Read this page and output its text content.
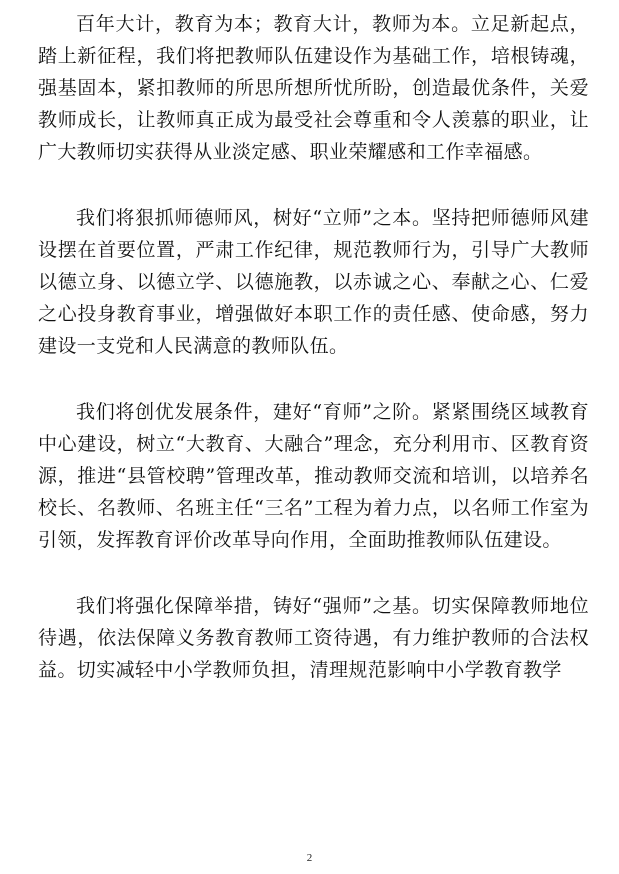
百年大计，教育为本；教育大计，教师为本。立足新起点，踏上新征程，我们将把教师队伍建设作为基础工作，培根铸魂，强基固本，紧扣教师的所思所想所忧所盼，创造最优条件，关爱教师成长，让教师真正成为最受社会尊重和令人羡慕的职业，让广大教师切实获得从业淡定感、职业荣耀感和工作幸福感。

我们将狠抓师德师风，树好“立师”之本。坚持把师德师风建设摆在首要位置，严肃工作纪律，规范教师行为，引导广大教师以德立身、以德立学、以德施教，以赤诚之心、奉献之心、仁爱之心投身教育事业，增强做好本职工作的责任感、使命感，努力建设一支党和人民满意的教师队伍。

我们将创优发展条件，建好“育师”之阶。紧紧围绕区域教育中心建设，树立“大教育、大融合”理念，充分利用市、区教育资源，推进“县管校聘”管理改革，推动教师交流和培训，以培养名校长、名教师、名班主任“三名”工程为着力点，以名师工作室为引领，发挥教育评价改革导向作用，全面助推教师队伍建设。

我们将强化保障举措，铸好“强师”之基。切实保障教师地位待遇，依法保障义务教育教师工资待遇，有力维护教师的合法权益。切实减轻中小学教师负担，清理规范影响中小学教育教学

2
